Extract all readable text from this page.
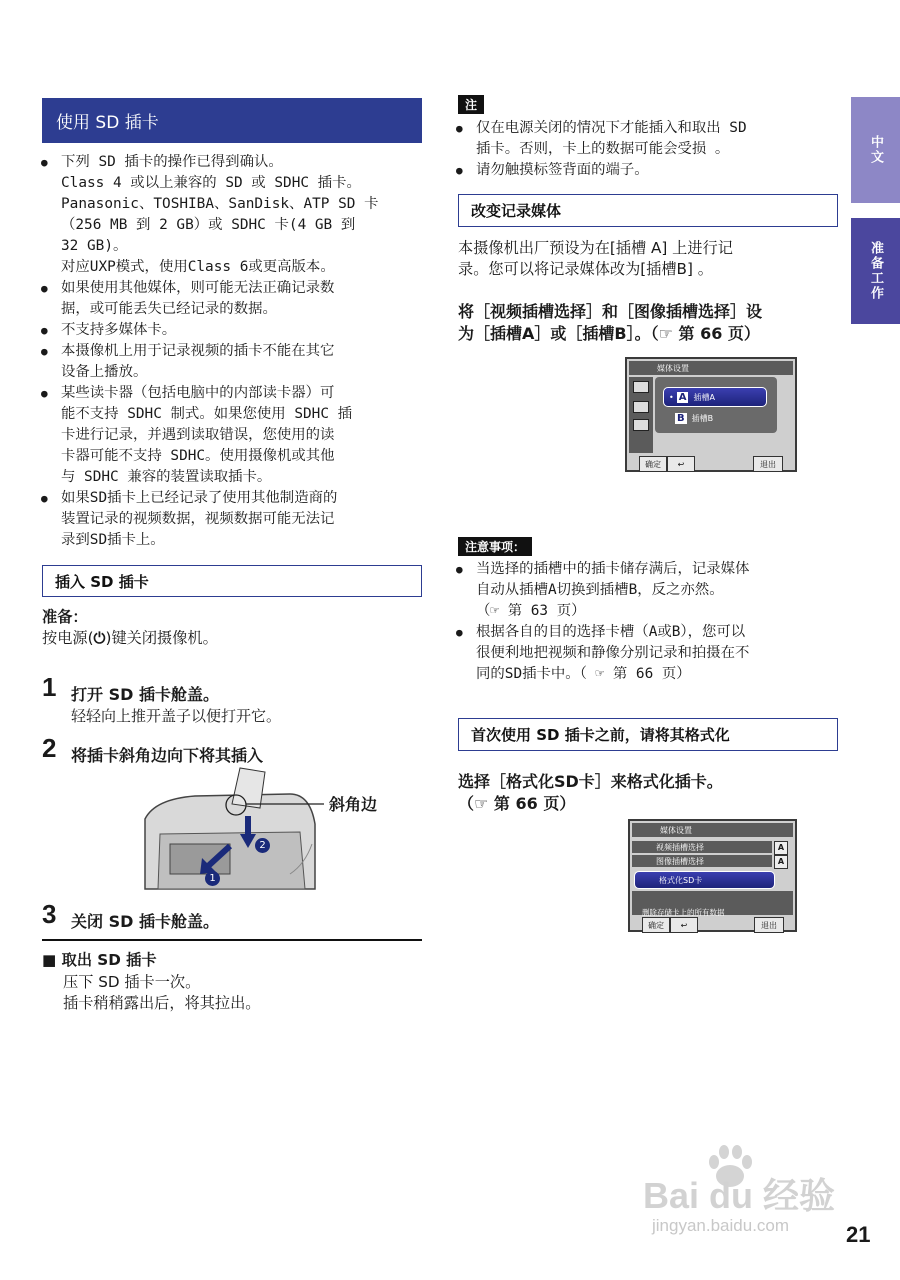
中文
准备工作
使用 SD 插卡
● 下列 SD 插卡的操作已得到确认。
Class 4 或以上兼容的 SD 或 SDHC 插卡。
Panasonic、TOSHIBA、SanDisk、ATP SD 卡
（256 MB 到 2 GB）或 SDHC 卡(4 GB 到
32 GB)。
对应UXP模式，使用Class 6或更高版本。
● 如果使用其他媒体，则可能无法正确记录数
据，或可能丢失已经记录的数据。
● 不支持多媒体卡。
● 本摄像机上用于记录视频的插卡不能在其它
设备上播放。
● 某些读卡器（包括电脑中的内部读卡器）可
能不支持 SDHC 制式。如果您使用 SDHC 插
卡进行记录，并遇到读取错误，您使用的读
卡器可能不支持 SDHC。使用摄像机或其他
与 SDHC 兼容的装置读取插卡。
● 如果SD插卡上已经记录了使用其他制造商的
装置记录的视频数据，视频数据可能无法记
录到SD插卡上。
插入 SD 插卡
准备：
按电源(⏻)键关闭摄像机。
1 打开 SD 插卡舱盖。
轻轻向上推开盖子以便打开它。
2 将插卡斜角边向下将其插入
2
1
斜角边
3 关闭 SD 插卡舱盖。
■ 取出 SD 插卡
压下 SD 插卡一次。
插卡稍稍露出后，将其拉出。
注
● 仅在电源关闭的情况下才能插入和取出 SD
插卡。否则，卡上的数据可能会受损 。
● 请勿触摸标签背面的端子。
改变记录媒体
本摄像机出厂预设为在[插槽 A] 上进行记
录。您可以将记录媒体改为[插槽B] 。
将［视频插槽选择］和［图像插槽选择］设
为［插槽A］或［插槽B］。（☞ 第 66 页）
媒体设置
• A 插槽A
B 插槽B
确定	↩	退出
注意事项：
● 当选择的插槽中的插卡储存满后，记录媒体
自动从插槽A切换到插槽B，反之亦然。
（☞ 第 63 页）
● 根据各自的目的选择卡槽（A或B），您可以
很便利地把视频和静像分别记录和拍摄在不
同的SD插卡中。（ ☞ 第 66 页）
首次使用 SD 插卡之前，请将其格式化
选择［格式化SD卡］来格式化插卡。
（☞ 第 66 页）
媒体设置
视频插槽选择	A
图像插槽选择	A
格式化SD卡
删除存储卡上的所有数据
确定	↩	退出
Bai du 经验
jingyan.baidu.com	21
